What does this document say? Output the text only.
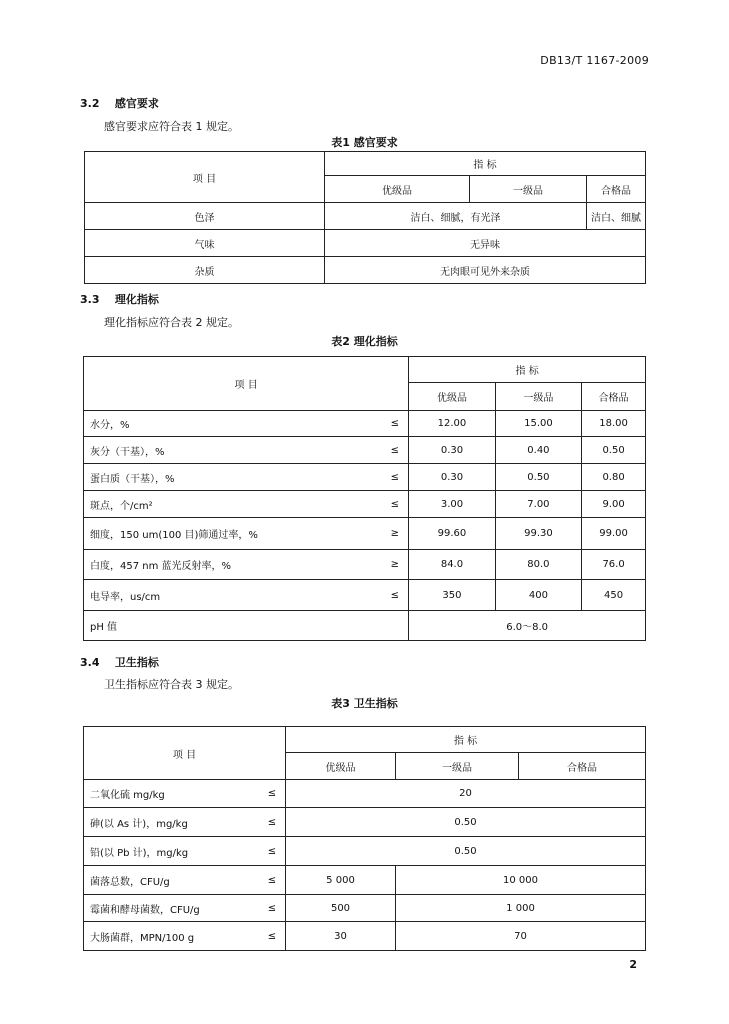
DB13/T 1167-2009
3.2 感官要求
感官要求应符合表 1 规定。
表1 感官要求
项 目	指 标		
	优级品	一级品	合格品
色泽	洁白、细腻，有光泽		洁白、细腻
气味	无异味		
杂质	无肉眼可见外来杂质		
3.3 理化指标
理化指标应符合表 2 规定。
表2 理化指标
项 目		指 标		
		优级品	一级品	合格品
水分，%	≤	12.00	15.00	18.00
灰分（干基），%	≤	0.30	0.40	0.50
蛋白质（干基），%	≤	0.30	0.50	0.80
斑点，个/cm²	≤	3.00	7.00	9.00
细度，150 um(100 目)筛通过率，%	≥	99.60	99.30	99.00
白度，457 nm 蓝光反射率，%	≥	84.0	80.0	76.0
电导率，us/cm	≤	350	400	450
pH 值		6.0～8.0		
3.4 卫生指标
卫生指标应符合表 3 规定。
表3 卫生指标
项 目		指 标		
		优级品	一级品	合格品
二氧化硫 mg/kg	≤	20		
砷(以 As 计)，mg/kg	≤	0.50		
铅(以 Pb 计)，mg/kg	≤	0.50		
菌落总数，CFU/g	≤	5 000	10 000	
霉菌和酵母菌数，CFU/g	≤	500	1 000	
大肠菌群，MPN/100 g	≤	30	70	
2
